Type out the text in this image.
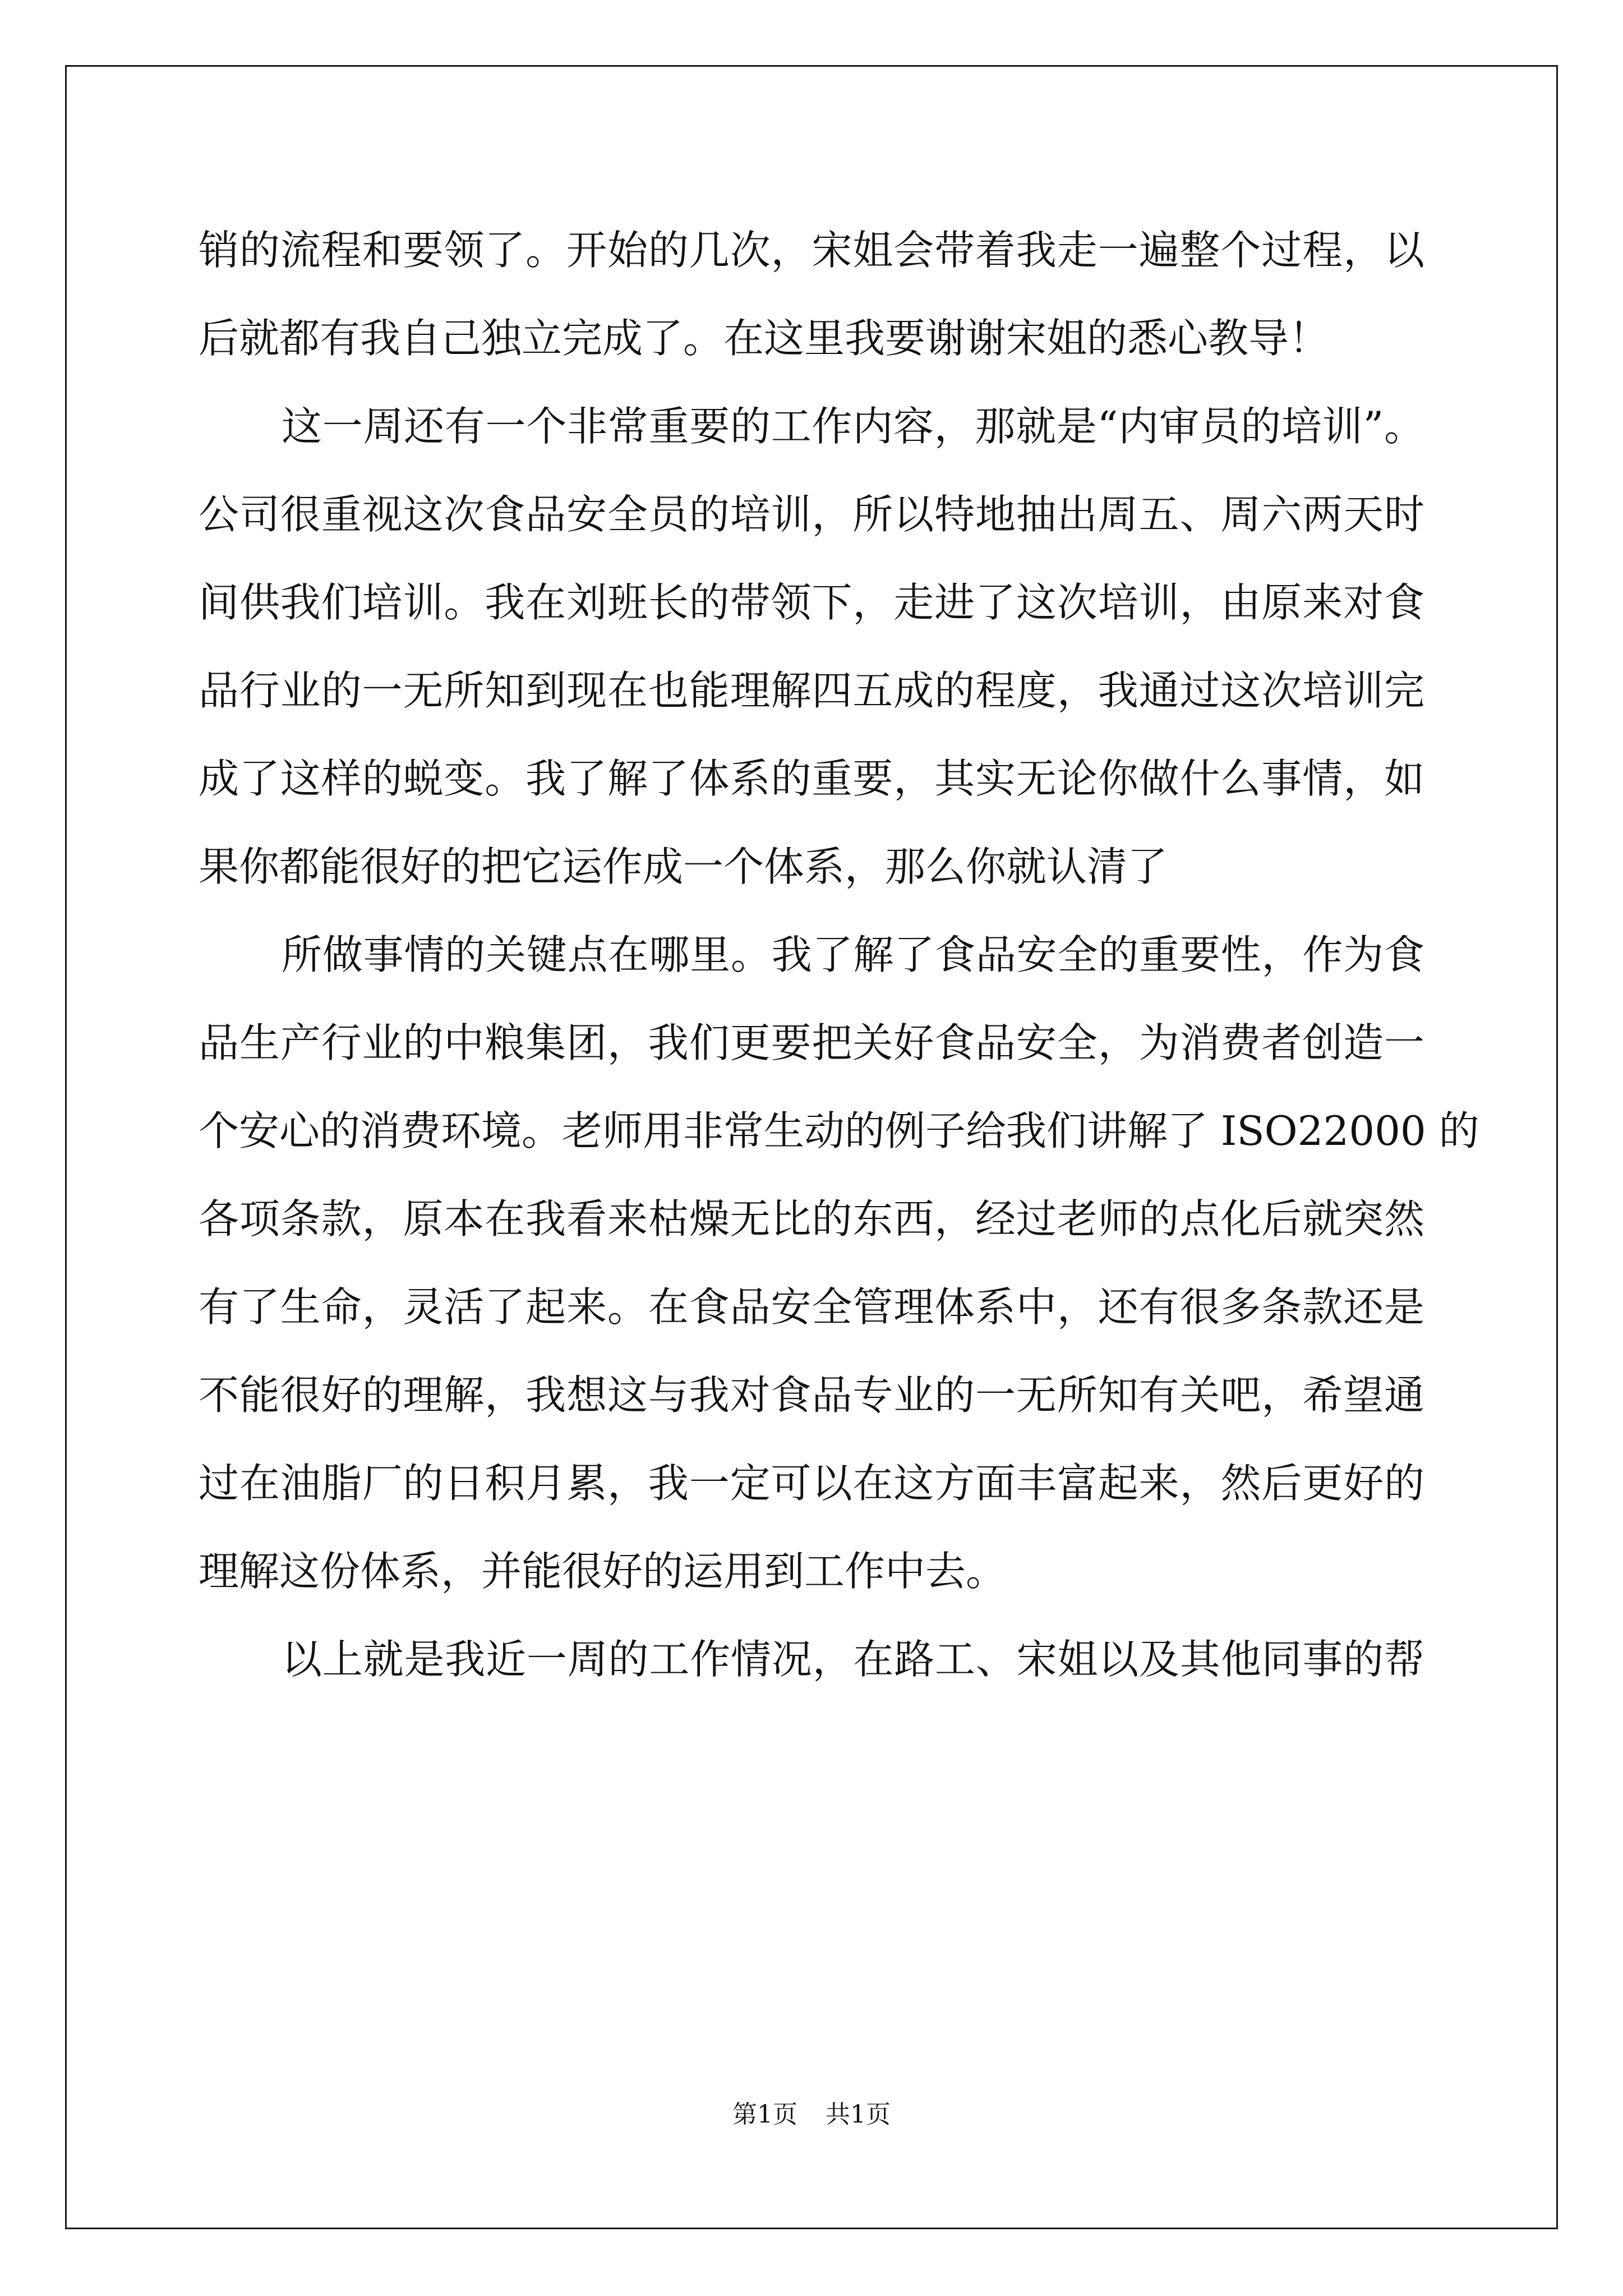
销的流程和要领了。开始的几次，宋姐会带着我走一遍整个过程，以

后就都有我自己独立完成了。在这里我要谢谢宋姐的悉心教导！

这一周还有一个非常重要的工作内容，那就是“内审员的培训”。

公司很重视这次食品安全员的培训，所以特地抽出周五、周六两天时

间供我们培训。我在刘班长的带领下，走进了这次培训，由原来对食

品行业的一无所知到现在也能理解四五成的程度，我通过这次培训完

成了这样的蜕变。我了解了体系的重要，其实无论你做什么事情，如

果你都能很好的把它运作成一个体系，那么你就认清了

所做事情的关键点在哪里。我了解了食品安全的重要性，作为食

品生产行业的中粮集团，我们更要把关好食品安全，为消费者创造一

个安心的消费环境。老师用非常生动的例子给我们讲解了 ISO22000 的

各项条款，原本在我看来枯燥无比的东西，经过老师的点化后就突然

有了生命，灵活了起来。在食品安全管理体系中，还有很多条款还是

不能很好的理解，我想这与我对食品专业的一无所知有关吧，希望通

过在油脂厂的日积月累，我一定可以在这方面丰富起来，然后更好的

理解这份体系，并能很好的运用到工作中去。

以上就是我近一周的工作情况，在路工、宋姐以及其他同事的帮

第1页 共1页
